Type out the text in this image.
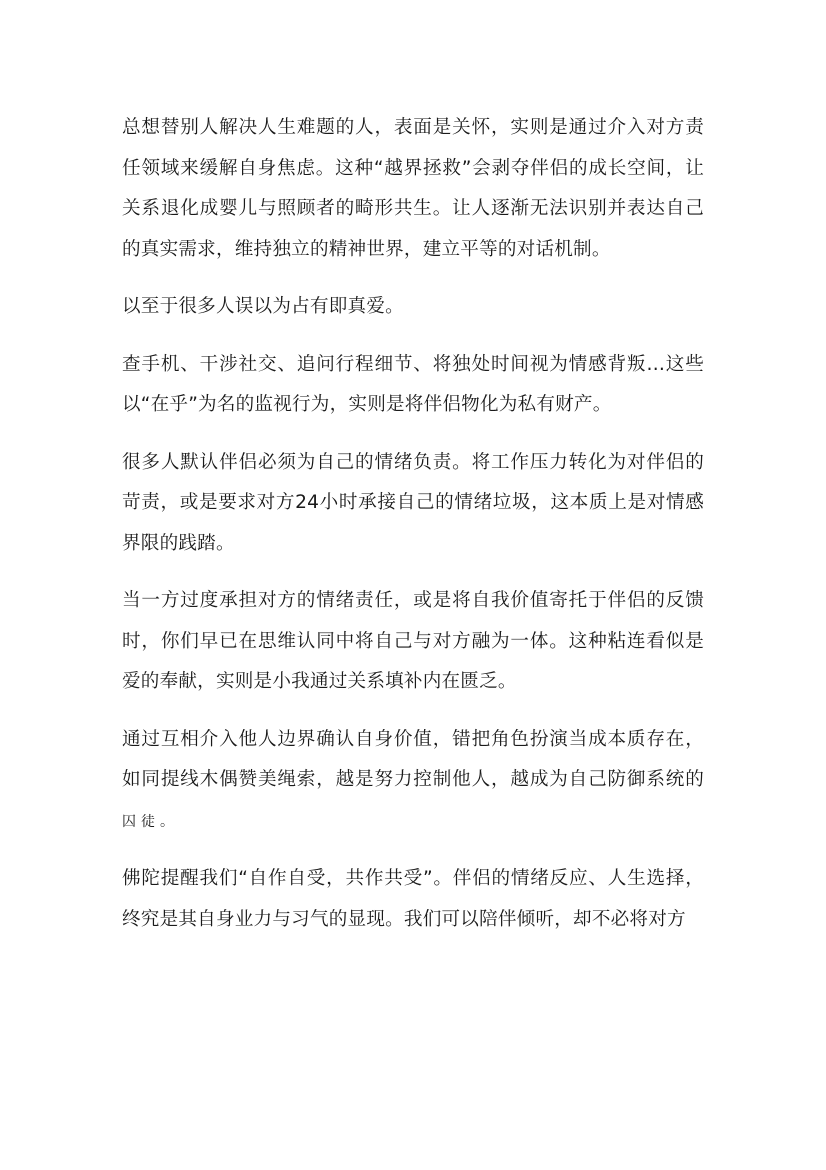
总想替别人解决人生难题的人，表面是关怀，实则是通过介入对方责任领域来缓解自身焦虑。这种“越界拯救”会剥夺伴侣的成长空间，让关系退化成婴儿与照顾者的畸形共生。让人逐渐无法识别并表达自己的真实需求，维持独立的精神世界，建立平等的对话机制。

以至于很多人误以为占有即真爱。

查手机、干涉社交、追问行程细节、将独处时间视为情感背叛…这些以“在乎”为名的监视行为，实则是将伴侣物化为私有财产。

很多人默认伴侣必须为自己的情绪负责。将工作压力转化为对伴侣的苛责，或是要求对方24小时承接自己的情绪垃圾，这本质上是对情感界限的践踏。

当一方过度承担对方的情绪责任，或是将自我价值寄托于伴侣的反馈时，你们早已在思维认同中将自己与对方融为一体。这种粘连看似是爱的奉献，实则是小我通过关系填补内在匮乏。

通过互相介入他人边界确认自身价值，错把角色扮演当成本质存在，如同提线木偶赞美绳索，越是努力控制他人，越成为自己防御系统的囚徒。

佛陀提醒我们“自作自受，共作共受”。伴侣的情绪反应、人生选择，终究是其自身业力与习气的显现。我们可以陪伴倾听，却不必将对方
